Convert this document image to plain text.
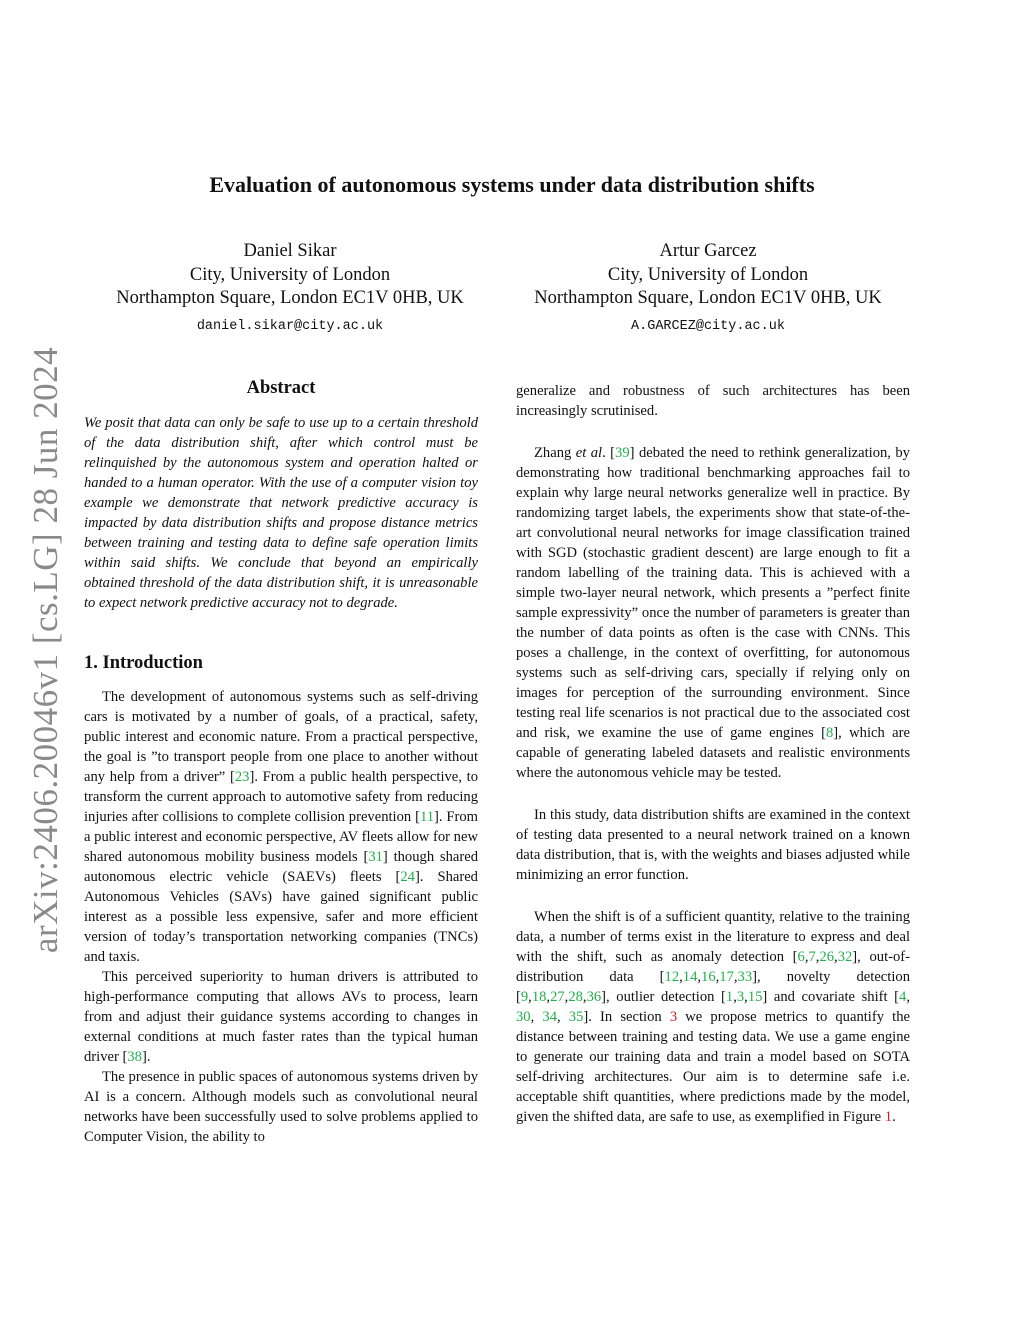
arXiv:2406.20046v1 [cs.LG] 28 Jun 2024
Evaluation of autonomous systems under data distribution shifts
Daniel Sikar
City, University of London
Northampton Square, London EC1V 0HB, UK
daniel.sikar@city.ac.uk
Artur Garcez
City, University of London
Northampton Square, London EC1V 0HB, UK
A.GARCEZ@city.ac.uk
Abstract

We posit that data can only be safe to use up to a certain threshold of the data distribution shift, after which control must be relinquished by the autonomous system and operation halted or handed to a human operator. With the use of a computer vision toy example we demonstrate that network predictive accuracy is impacted by data distribution shifts and propose distance metrics between training and testing data to define safe operation limits within said shifts. We conclude that beyond an empirically obtained threshold of the data distribution shift, it is unreasonable to expect network predictive accuracy not to degrade.

1. Introduction

The development of autonomous systems such as self-driving cars is motivated by a number of goals, of a practical, safety, public interest and economic nature. From a practical perspective, the goal is ”to transport people from one place to another without any help from a driver” [23]. From a public health perspective, to transform the current approach to automotive safety from reducing injuries after collisions to complete collision prevention [11]. From a public interest and economic perspective, AV fleets allow for new shared autonomous mobility business models [31] though shared autonomous electric vehicle (SAEVs) fleets [24]. Shared Autonomous Vehicles (SAVs) have gained significant public interest as a possible less expensive, safer and more efficient version of today’s transportation networking companies (TNCs) and taxis.

This perceived superiority to human drivers is attributed to high-performance computing that allows AVs to process, learn from and adjust their guidance systems according to changes in external conditions at much faster rates than the typical human driver [38].

The presence in public spaces of autonomous systems driven by AI is a concern. Although models such as convolutional neural networks have been successfully used to solve problems applied to Computer Vision, the ability to

generalize and robustness of such architectures has been increasingly scrutinised.

Zhang et al. [39] debated the need to rethink generalization, by demonstrating how traditional benchmarking approaches fail to explain why large neural networks generalize well in practice. By randomizing target labels, the experiments show that state-of-the-art convolutional neural networks for image classification trained with SGD (stochastic gradient descent) are large enough to fit a random labelling of the training data. This is achieved with a simple two-layer neural network, which presents a ”perfect finite sample expressivity” once the number of parameters is greater than the number of data points as often is the case with CNNs. This poses a challenge, in the context of overfitting, for autonomous systems such as self-driving cars, specially if relying only on images for perception of the surrounding environment. Since testing real life scenarios is not practical due to the associated cost and risk, we examine the use of game engines [8], which are capable of generating labeled datasets and realistic environments where the autonomous vehicle may be tested.

In this study, data distribution shifts are examined in the context of testing data presented to a neural network trained on a known data distribution, that is, with the weights and biases adjusted while minimizing an error function.

When the shift is of a sufficient quantity, relative to the training data, a number of terms exist in the literature to express and deal with the shift, such as anomaly detection [6,7,26,32], out-of-distribution data [12,14,16,17,33], novelty detection [9,18,27,28,36], outlier detection [1,3,15] and covariate shift [4, 30, 34, 35]. In section 3 we propose metrics to quantify the distance between training and testing data. We use a game engine to generate our training data and train a model based on SOTA self-driving architectures. Our aim is to determine safe i.e. acceptable shift quantities, where predictions made by the model, given the shifted data, are safe to use, as exemplified in Figure 1.
